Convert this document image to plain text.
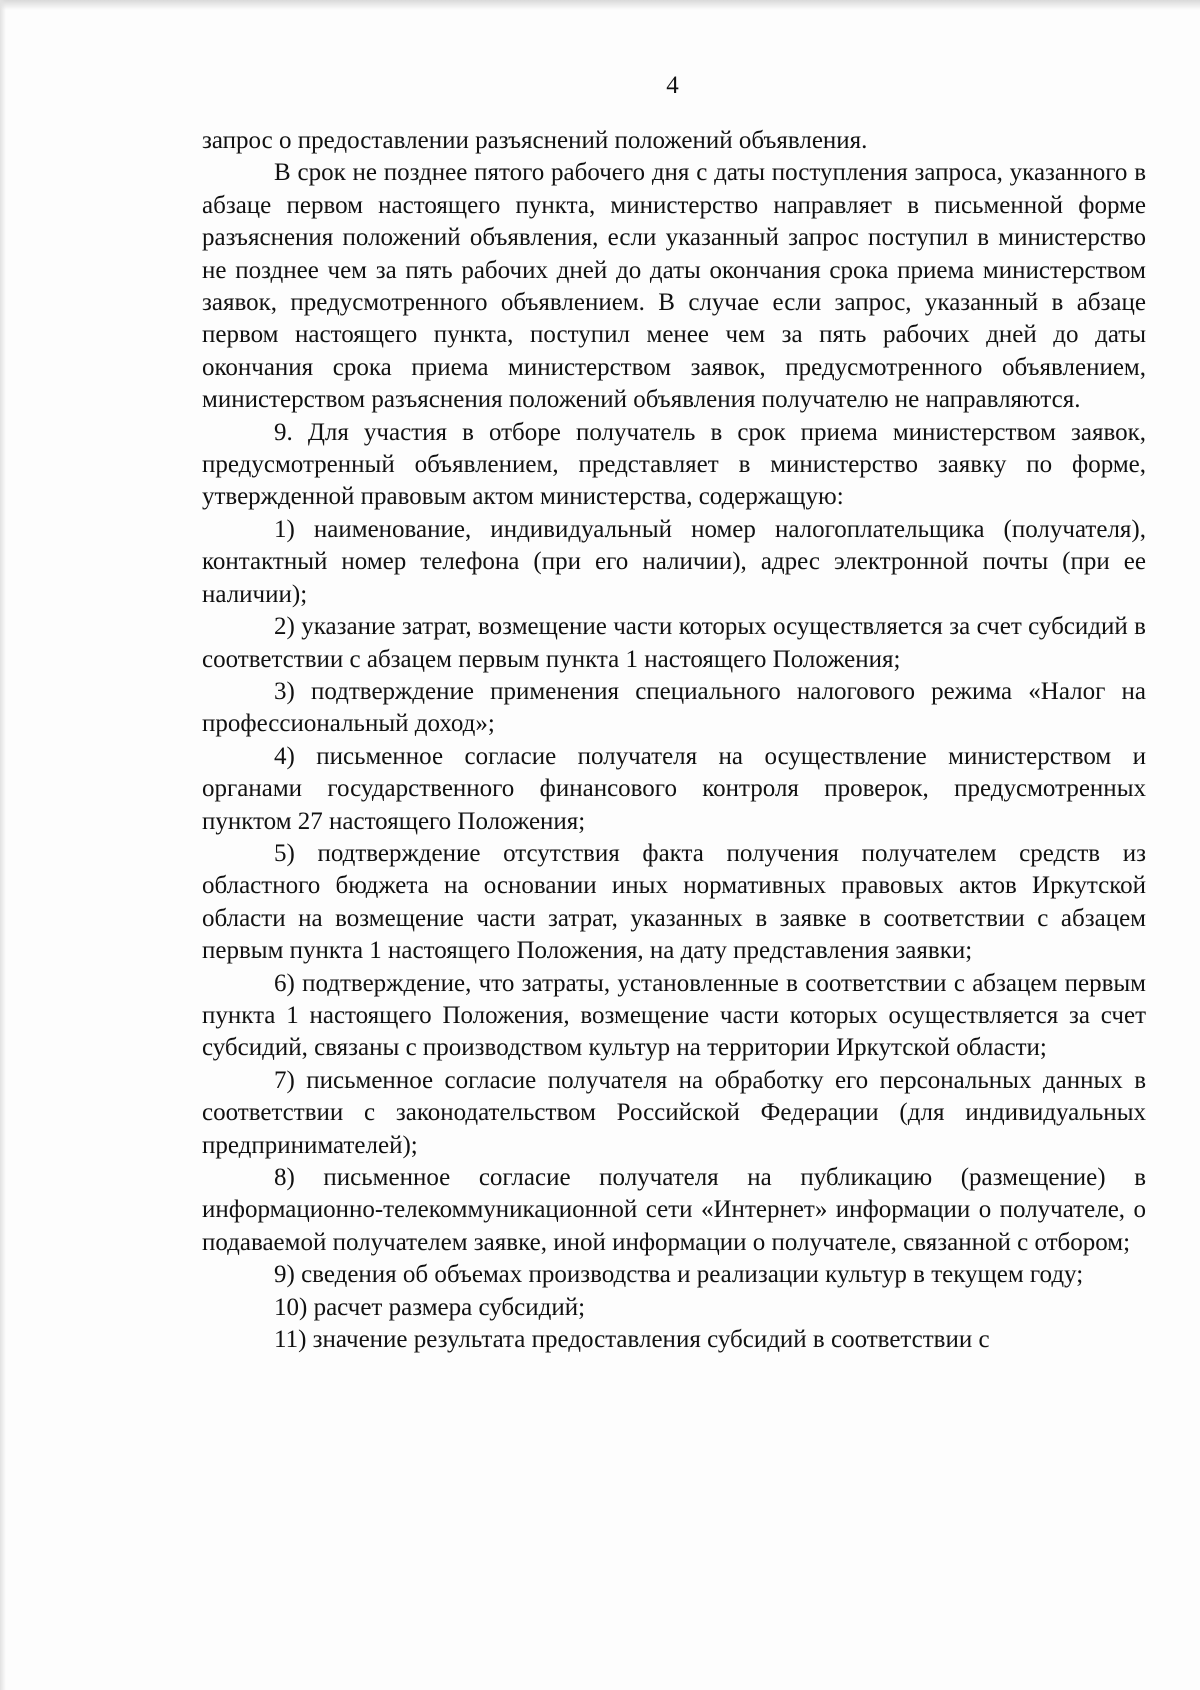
4

запрос о предоставлении разъяснений положений объявления.

В срок не позднее пятого рабочего дня с даты поступления запроса, указанного в абзаце первом настоящего пункта, министерство направляет в письменной форме разъяснения положений объявления, если указанный запрос поступил в министерство не позднее чем за пять рабочих дней до даты окончания срока приема министерством заявок, предусмотренного объявлением. В случае если запрос, указанный в абзаце первом настоящего пункта, поступил менее чем за пять рабочих дней до даты окончания срока приема министерством заявок, предусмотренного объявлением, министерством разъяснения положений объявления получателю не направляются.

9. Для участия в отборе получатель в срок приема министерством заявок, предусмотренный объявлением, представляет в министерство заявку по форме, утвержденной правовым актом министерства, содержащую:

1) наименование, индивидуальный номер налогоплательщика (получателя), контактный номер телефона (при его наличии), адрес электронной почты (при ее наличии);

2) указание затрат, возмещение части которых осуществляется за счет субсидий в соответствии с абзацем первым пункта 1 настоящего Положения;

3) подтверждение применения специального налогового режима «Налог на профессиональный доход»;

4) письменное согласие получателя на осуществление министерством и органами государственного финансового контроля проверок, предусмотренных пунктом 27 настоящего Положения;

5) подтверждение отсутствия факта получения получателем средств из областного бюджета на основании иных нормативных правовых актов Иркутской области на возмещение части затрат, указанных в заявке в соответствии с абзацем первым пункта 1 настоящего Положения, на дату представления заявки;

6) подтверждение, что затраты, установленные в соответствии с абзацем первым пункта 1 настоящего Положения, возмещение части которых осуществляется за счет субсидий, связаны с производством культур на территории Иркутской области;

7) письменное согласие получателя на обработку его персональных данных в соответствии с законодательством Российской Федерации (для индивидуальных предпринимателей);

8) письменное согласие получателя на публикацию (размещение) в информационно-телекоммуникационной сети «Интернет» информации о получателе, о подаваемой получателем заявке, иной информации о получателе, связанной с отбором;

9) сведения об объемах производства и реализации культур в текущем году;

10) расчет размера субсидий;

11) значение результата предоставления субсидий в соответствии с
